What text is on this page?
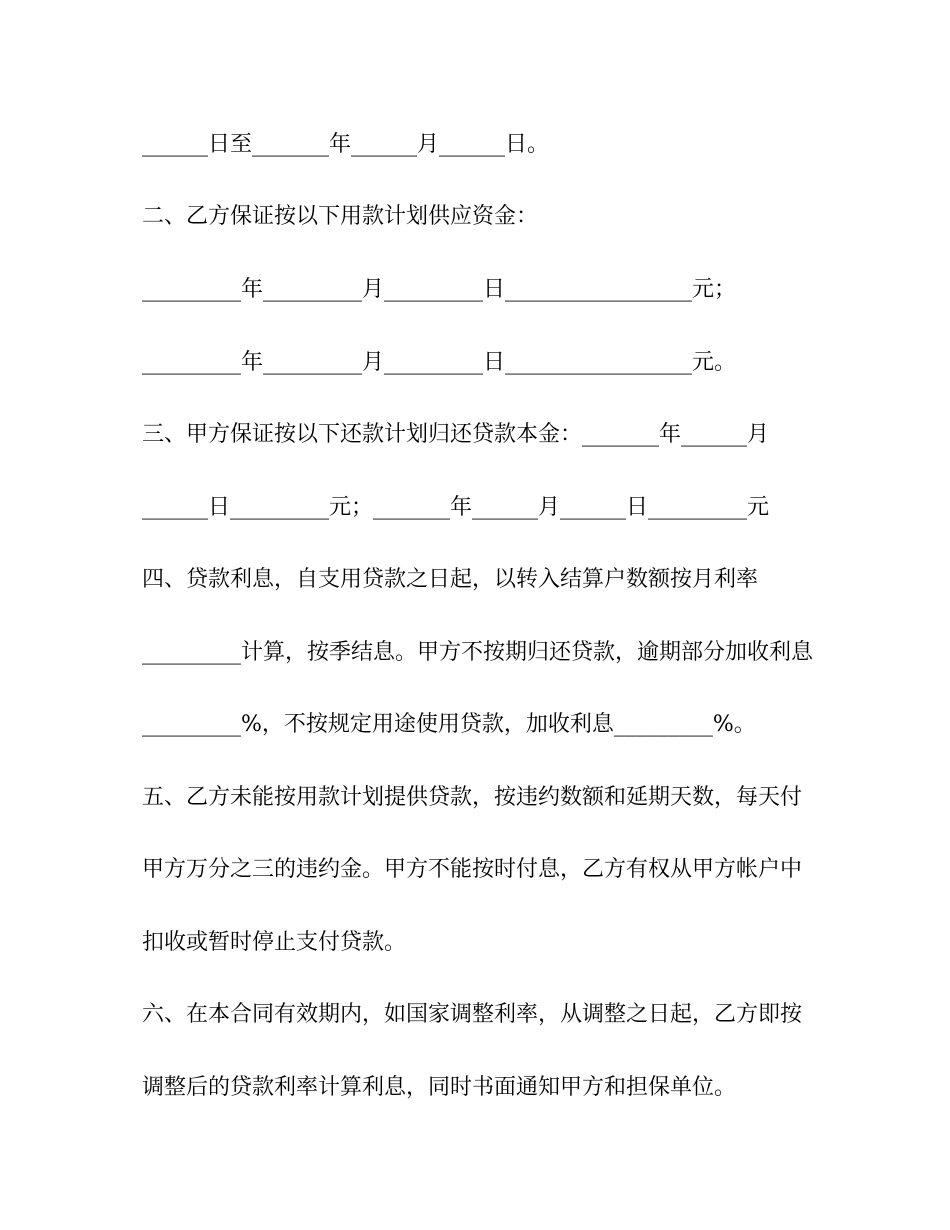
______日至_______年______月______日。

二、乙方保证按以下用款计划供应资金：

_________年_________月_________日_________________元；

_________年_________月_________日_________________元。

三、甲方保证按以下还款计划归还贷款本金：_______年______月

______日_________元；_______年______月______日_________元

四、贷款利息，自支用贷款之日起，以转入结算户数额按月利率

_________计算，按季结息。甲方不按期归还贷款，逾期部分加收利息

_________%，不按规定用途使用贷款，加收利息_________%。

五、乙方未能按用款计划提供贷款，按违约数额和延期天数，每天付

甲方万分之三的违约金。甲方不能按时付息，乙方有权从甲方帐户中

扣收或暂时停止支付贷款。

六、在本合同有效期内，如国家调整利率，从调整之日起，乙方即按

调整后的贷款利率计算利息，同时书面通知甲方和担保单位。
